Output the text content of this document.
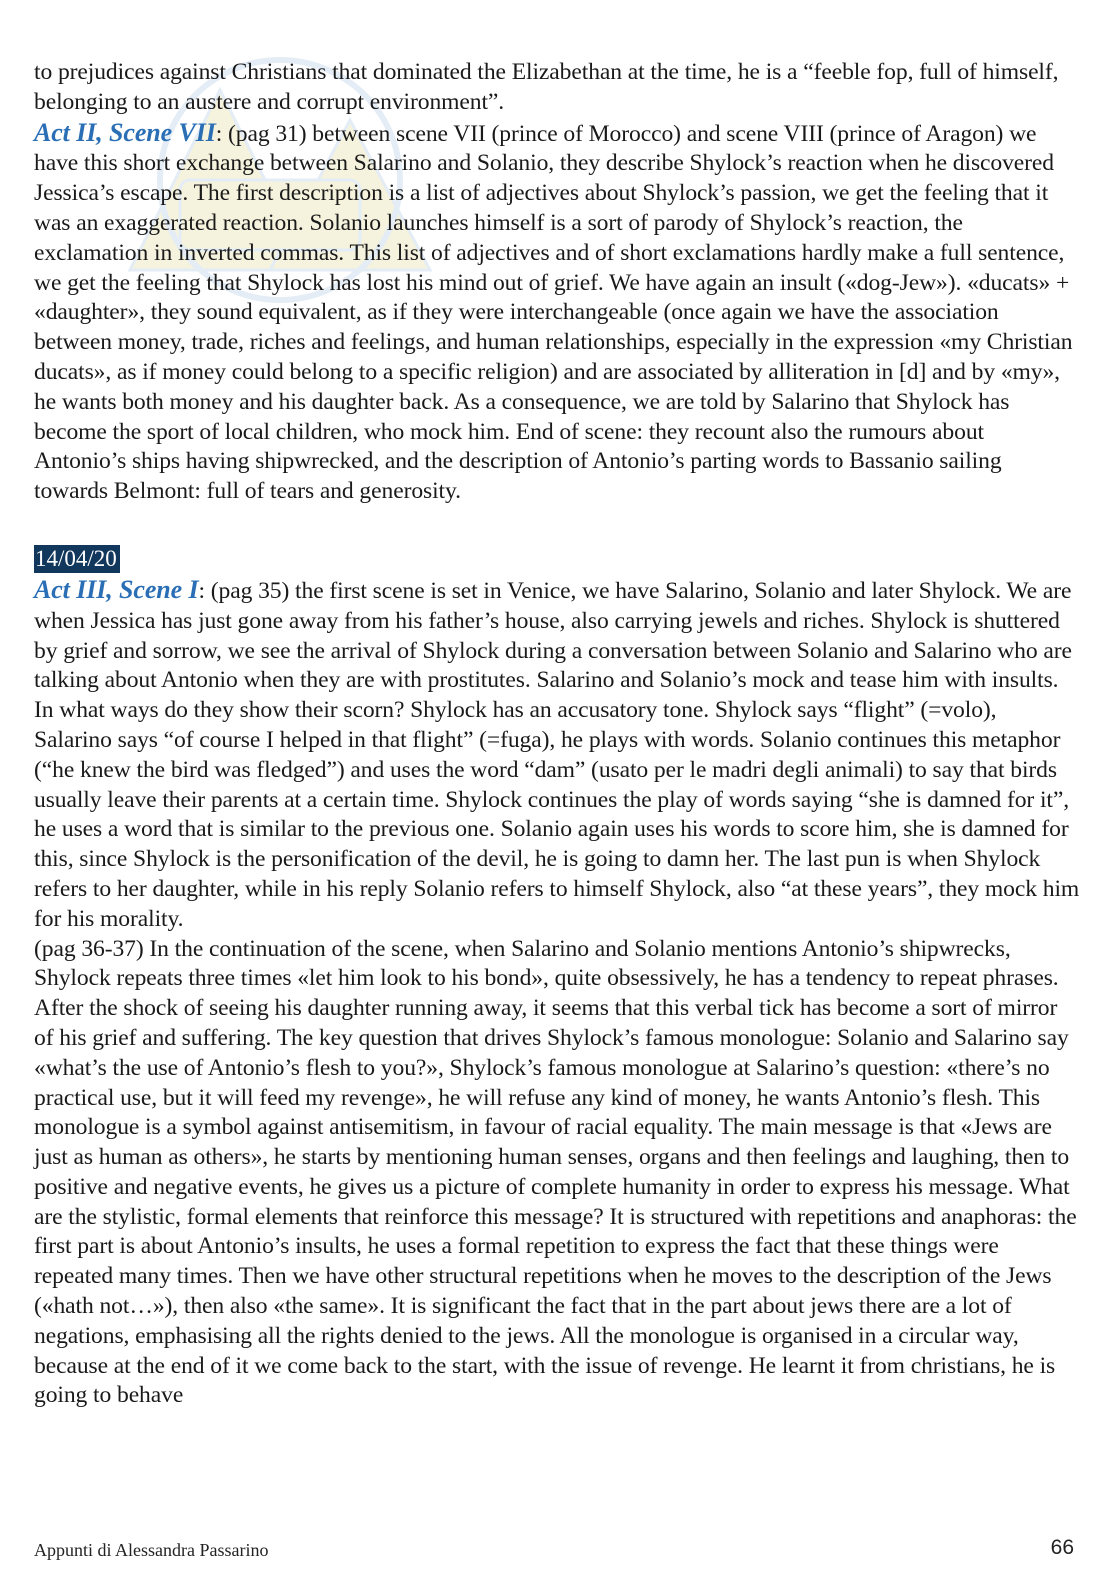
to prejudices against Christians that dominated the Elizabethan at the time, he is a “feeble fop, full of himself, belonging to an austere and corrupt environment”.

Act II, Scene VII: (pag 31) between scene VII (prince of Morocco) and scene VIII (prince of Aragon) we have this short exchange between Salarino and Solanio, they describe Shylock’s reaction when he discovered Jessica’s escape. The first description is a list of adjectives about Shylock’s passion, we get the feeling that it was an exaggerated reaction. Solanio launches himself is a sort of parody of Shylock’s reaction, the exclamation in inverted commas. This list of adjectives and of short exclamations hardly make a full sentence, we get the feeling that Shylock has lost his mind out of grief. We have again an insult («dog-Jew»). «ducats» + «daughter», they sound equivalent, as if they were interchangeable (once again we have the association between money, trade, riches and feelings, and human relationships, especially in the expression «my Christian ducats», as if money could belong to a specific religion) and are associated by alliteration in [d] and by «my», he wants both money and his daughter back. As a consequence, we are told by Salarino that Shylock has become the sport of local children, who mock him. End of scene: they recount also the rumours about Antonio’s ships having shipwrecked, and the description of Antonio’s parting words to Bassanio sailing towards Belmont: full of tears and generosity.

14/04/20

Act III, Scene I: (pag 35) the first scene is set in Venice, we have Salarino, Solanio and later Shylock. We are when Jessica has just gone away from his father’s house, also carrying jewels and riches. Shylock is shuttered by grief and sorrow, we see the arrival of Shylock during a conversation between Solanio and Salarino who are talking about Antonio when they are with prostitutes. Salarino and Solanio’s mock and tease him with insults. In what ways do they show their scorn? Shylock has an accusatory tone. Shylock says “flight” (=volo), Salarino says “of course I helped in that flight” (=fuga), he plays with words. Solanio continues this metaphor (“he knew the bird was fledged”) and uses the word “dam” (usato per le madri degli animali) to say that birds usually leave their parents at a certain time. Shylock continues the play of words saying “she is damned for it”, he uses a word that is similar to the previous one. Solanio again uses his words to score him, she is damned for this, since Shylock is the personification of the devil, he is going to damn her. The last pun is when Shylock refers to her daughter, while in his reply Solanio refers to himself Shylock, also “at these years”, they mock him for his morality.

(pag 36-37) In the continuation of the scene, when Salarino and Solanio mentions Antonio’s shipwrecks, Shylock repeats three times «let him look to his bond», quite obsessively, he has a tendency to repeat phrases. After the shock of seeing his daughter running away, it seems that this verbal tick has become a sort of mirror of his grief and suffering. The key question that drives Shylock’s famous monologue: Solanio and Salarino say «what’s the use of Antonio’s flesh to you?», Shylock’s famous monologue at Salarino’s question: «there’s no practical use, but it will feed my revenge», he will refuse any kind of money, he wants Antonio’s flesh. This monologue is a symbol against antisemitism, in favour of racial equality. The main message is that «Jews are just as human as others», he starts by mentioning human senses, organs and then feelings and laughing, then to positive and negative events, he gives us a picture of complete humanity in order to express his message. What are the stylistic, formal elements that reinforce this message? It is structured with repetitions and anaphoras: the first part is about Antonio’s insults, he uses a formal repetition to express the fact that these things were repeated many times. Then we have other structural repetitions when he moves to the description of the Jews («hath not…»), then also «the same». It is significant the fact that in the part about jews there are a lot of negations, emphasising all the rights denied to the jews. All the monologue is organised in a circular way, because at the end of it we come back to the start, with the issue of revenge. He learnt it from christians, he is going to behave

Appunti di Alessandra Passarino	66
